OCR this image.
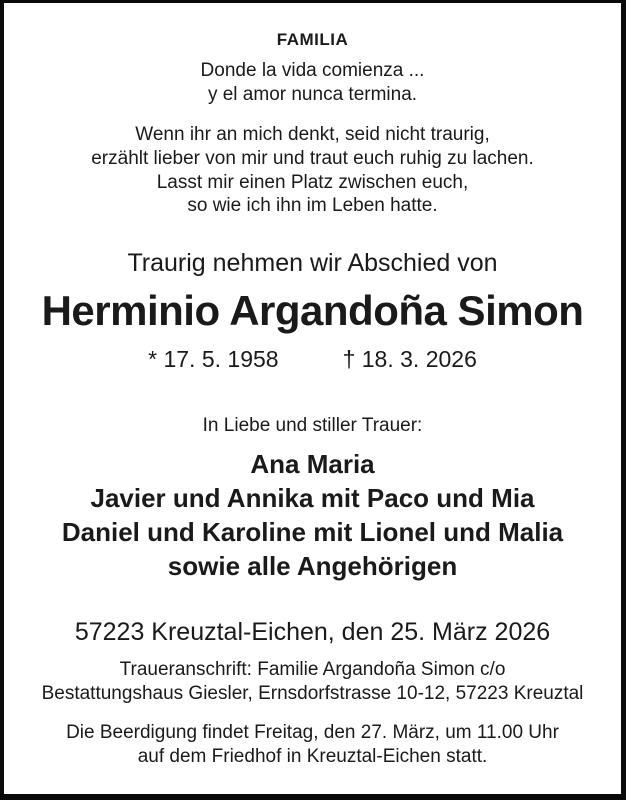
FAMILIA
Donde la vida comienza ...
y el amor nunca termina.
Wenn ihr an mich denkt, seid nicht traurig,
erzählt lieber von mir und traut euch ruhig zu lachen.
Lasst mir einen Platz zwischen euch,
so wie ich ihn im Leben hatte.
Traurig nehmen wir Abschied von
Herminio Argandoña Simon
* 17. 5. 1958	† 18. 3. 2026
In Liebe und stiller Trauer:
Ana Maria
Javier und Annika mit Paco und Mia
Daniel und Karoline mit Lionel und Malia
sowie alle Angehörigen
57223 Kreuztal-Eichen, den 25. März 2026
Traueranschrift: Familie Argandoña Simon c/o
Bestattungshaus Giesler, Ernsdorfstrasse 10-12, 57223 Kreuztal
Die Beerdigung findet Freitag, den 27. März, um 11.00 Uhr
auf dem Friedhof in Kreuztal-Eichen statt.
